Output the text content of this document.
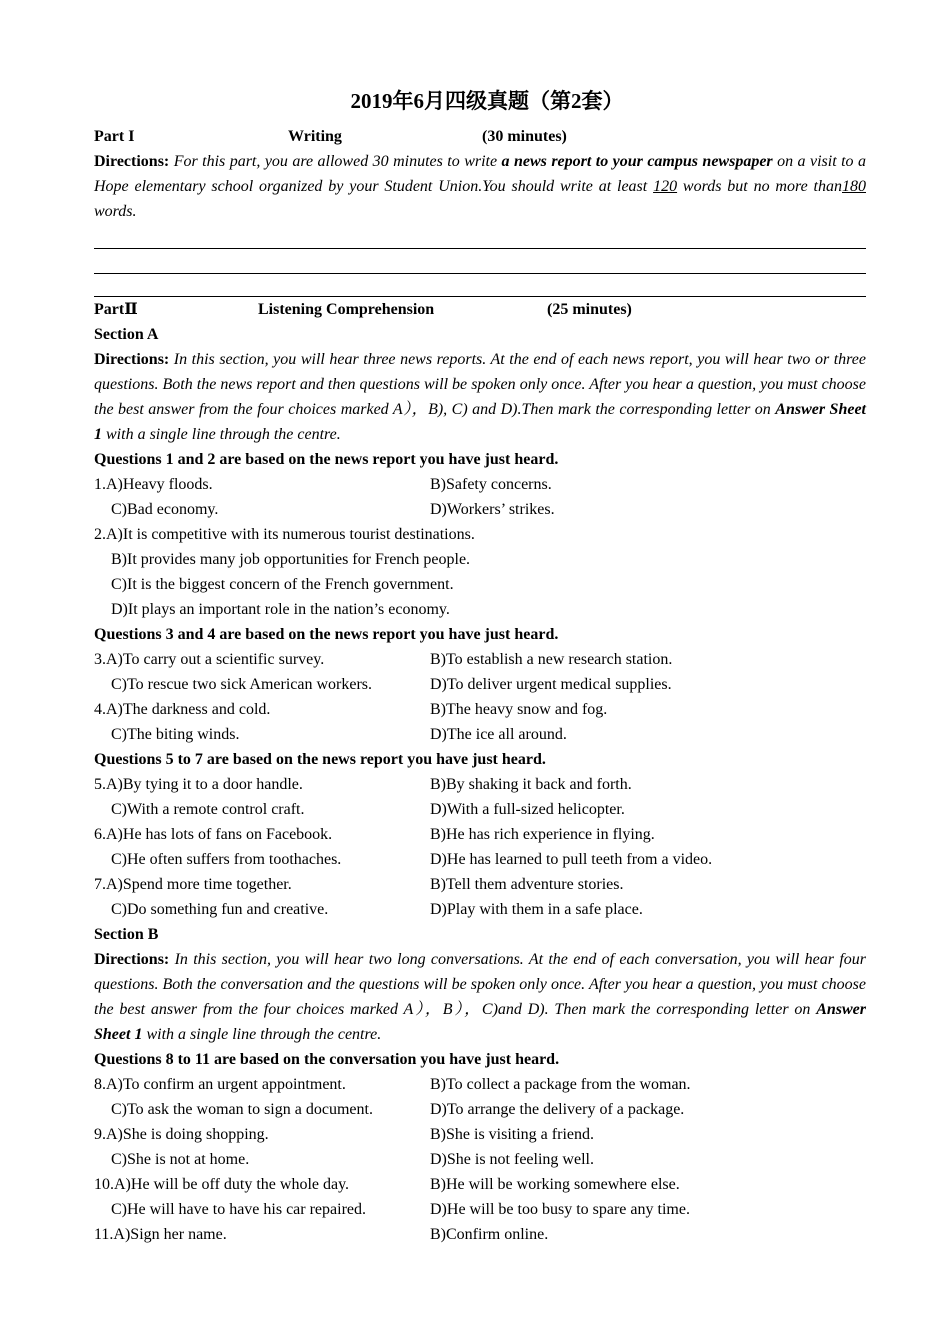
2019年6月四级真题（第2套）
Part I	Writing	(30 minutes)
Directions: For this part, you are allowed 30 minutes to write a news report to your campus newspaper on a visit to a Hope elementary school organized by your Student Union.You should write at least 120 words but no more than180 words.
PartⅡ	Listening Comprehension	(25 minutes)
Section A
Directions: In this section, you will hear three news reports. At the end of each news report, you will hear two or three questions. Both the news report and then questions will be spoken only once. After you hear a question, you must choose the best answer from the four choices marked A），B), C) and D).Then mark the corresponding letter on Answer Sheet 1 with a single line through the centre.
Questions 1 and 2 are based on the news report you have just heard.
1.A)Heavy floods.	B)Safety concerns.
C)Bad economy.	D)Workers’ strikes.
2.A)It is competitive with its numerous tourist destinations.
B)It provides many job opportunities for French people.
C)It is the biggest concern of the French government.
D)It plays an important role in the nation’s economy.
Questions 3 and 4 are based on the news report you have just heard.
3.A)To carry out a scientific survey.	B)To establish a new research station.
C)To rescue two sick American workers.	D)To deliver urgent medical supplies.
4.A)The darkness and cold.	B)The heavy snow and fog.
C)The biting winds.	D)The ice all around.
Questions 5 to 7 are based on the news report you have just heard.
5.A)By tying it to a door handle.	B)By shaking it back and forth.
C)With a remote control craft.	D)With a full-sized helicopter.
6.A)He has lots of fans on Facebook.	B)He has rich experience in flying.
C)He often suffers from toothaches.	D)He has learned to pull teeth from a video.
7.A)Spend more time together.	B)Tell them adventure stories.
C)Do something fun and creative.	D)Play with them in a safe place.
Section B
Directions: In this section, you will hear two long conversations. At the end of each conversation, you will hear four questions. Both the conversation and the questions will be spoken only once. After you hear a question, you must choose the best answer from the four choices marked A），B），C)and D). Then mark the corresponding letter on Answer Sheet 1 with a single line through the centre.
Questions 8 to 11 are based on the conversation you have just heard.
8.A)To confirm an urgent appointment.	B)To collect a package from the woman.
C)To ask the woman to sign a document.	D)To arrange the delivery of a package.
9.A)She is doing shopping.	B)She is visiting a friend.
C)She is not at home.	D)She is not feeling well.
10.A)He will be off duty the whole day.	B)He will be working somewhere else.
C)He will have to have his car repaired.	D)He will be too busy to spare any time.
11.A)Sign her name.	B)Confirm online.
